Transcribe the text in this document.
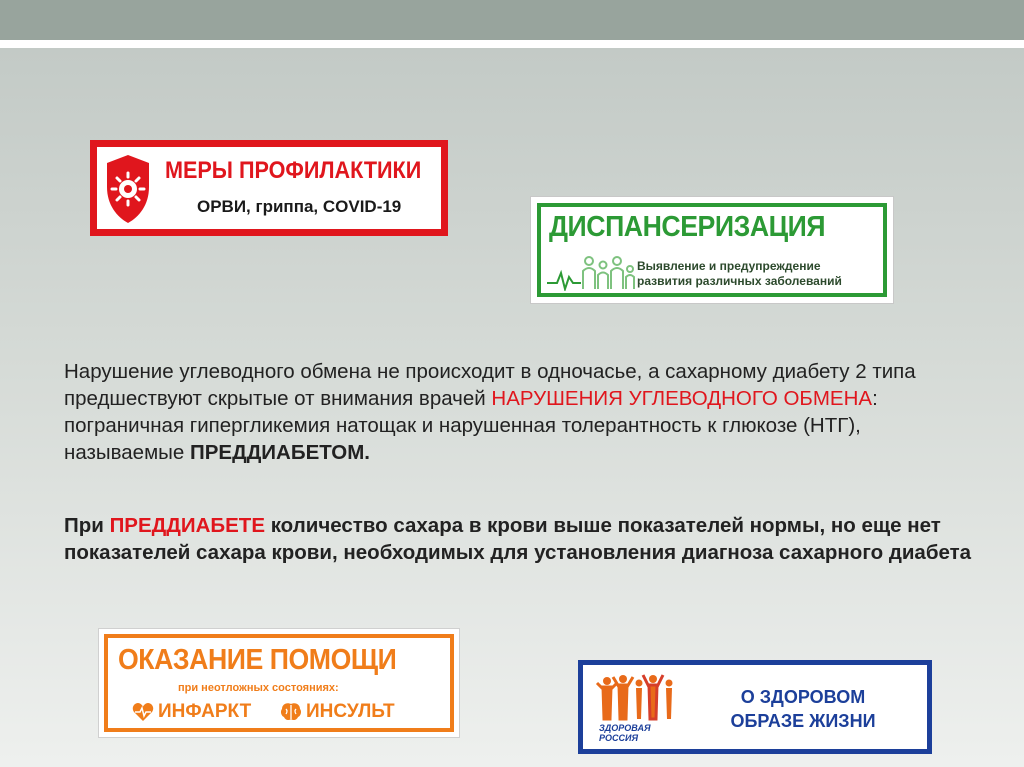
МЕРЫ ПРОФИЛАКТИКИ
ОРВИ, гриппа, COVID-19
ДИСПАНСЕРИЗАЦИЯ
Выявление и предупреждение
развития различных заболеваний
Нарушение углеводного обмена не происходит в одночасье, а сахарному диабету 2 типа предшествуют скрытые от внимания врачей НАРУШЕНИЯ УГЛЕВОДНОГО ОБМЕНА: пограничная гипергликемия натощак и нарушенная толерантность к глюкозе (НТГ), называемые ПРЕДДИАБЕТОМ.
При ПРЕДДИАБЕТЕ количество сахара в крови выше показателей нормы, но еще нет показателей сахара крови, необходимых для установления диагноза сахарного диабета
ОКАЗАНИЕ ПОМОЩИ
при неотложных состояниях:
ИНФАРКТ	ИНСУЛЬТ
ЗДОРОВАЯ
РОССИЯ
О ЗДОРОВОМ
ОБРАЗЕ ЖИЗНИ
